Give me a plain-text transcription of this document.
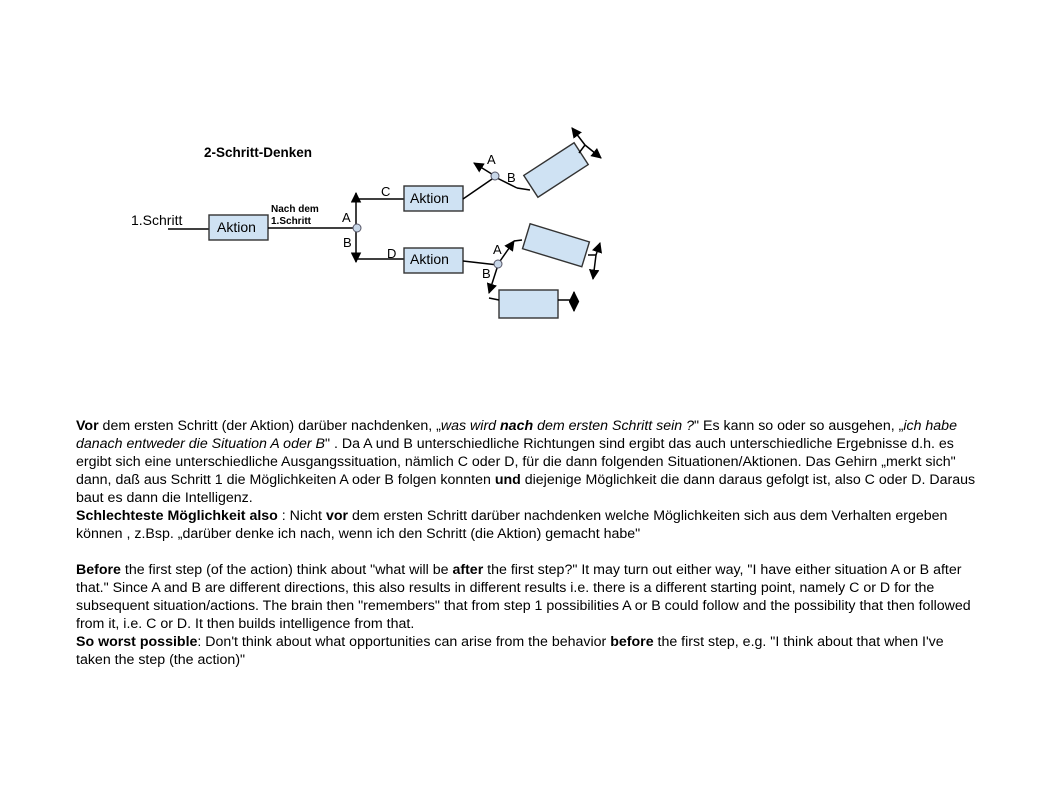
2-Schritt-Denken
1.Schritt Aktion
Nach dem
1.Schritt A
B
C Aktion
D Aktion
A
B
A
B

Vor dem ersten Schritt (der Aktion) darüber nachdenken, „was wird nach dem ersten Schritt sein ?" Es kann so oder so ausgehen, „ich habe danach entweder die Situation A oder B" . Da A und B unterschiedliche Richtungen sind ergibt das auch unterschiedliche Ergebnisse d.h. es ergibt sich eine unterschiedliche Ausgangssituation, nämlich C oder D, für die dann folgenden Situationen/Aktionen. Das Gehirn „merkt sich" dann, daß aus Schritt 1 die Möglichkeiten A oder B folgen konnten und diejenige Möglichkeit die dann daraus gefolgt ist, also C oder D. Daraus baut es dann die Intelligenz.

Schlechteste Möglichkeit also : Nicht vor dem ersten Schritt darüber nachdenken welche Möglichkeiten sich aus dem Verhalten ergeben können , z.Bsp. „darüber denke ich nach, wenn ich den Schritt (die Aktion) gemacht habe"

Before the first step (of the action) think about "what will be after the first step?" It may turn out either way, "I have either situation A or B after that." Since A and B are different directions, this also results in different results i.e. there is a different starting point, namely C or D for the subsequent situation/actions. The brain then "remembers" that from step 1 possibilities A or B could follow and the possibility that then followed from it, i.e. C or D. It then builds intelligence from that.

So worst possible: Don't think about what opportunities can arise from the behavior before the first step, e.g. "I think about that when I've taken the step (the action)"
